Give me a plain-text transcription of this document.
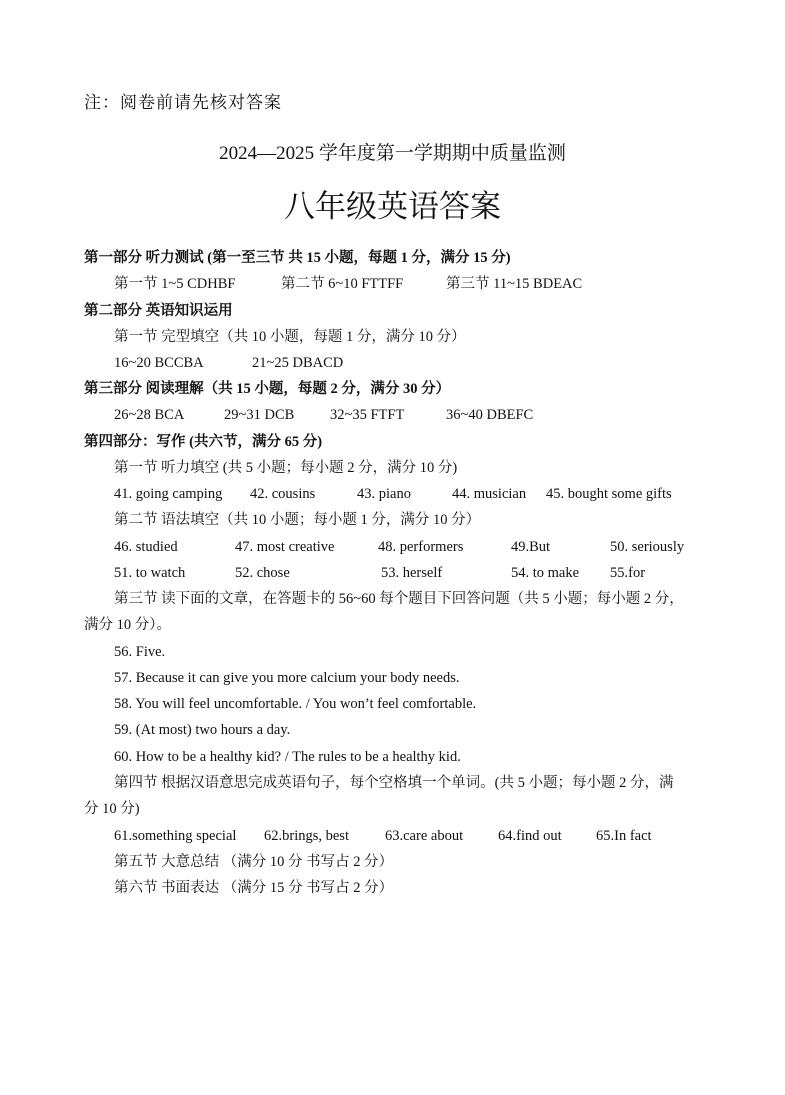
注：阅卷前请先核对答案
2024—2025 学年度第一学期期中质量监测
八年级英语答案
第一部分 听力测试 (第一至三节 共 15 小题，每题 1 分，满分 15 分)
第一节 1~5 CDHBF	第二节 6~10 FTTFF	第三节 11~15 BDEAC
第二部分 英语知识运用
第一节 完型填空（共 10 小题，每题 1 分，满分 10 分）
16~20 BCCBA	21~25 DBACD
第三部分 阅读理解（共 15 小题，每题 2 分，满分 30 分）
26~28 BCA	29~31 DCB 32~35 FTFT	36~40 DBEFC
第四部分：写作 (共六节，满分 65 分)
第一节 听力填空 (共 5 小题；每小题 2 分，满分 10 分)
41. going camping 42. cousins	43. piano	44. musician 45. bought some gifts
第二节 语法填空（共 10 小题；每小题 1 分，满分 10 分）
46. studied	47. most creative	48. performers	49.But	50. seriously
51. to watch	52. chose	53. herself	54. to make 55.for
第三节 读下面的文章，在答题卡的 56~60 每个题目下回答问题（共 5 小题；每小题 2 分，
满分 10 分）。
56. Five.
57. Because it can give you more calcium your body needs.
58. You will feel uncomfortable. / You won’t feel comfortable.
59. (At most) two hours a day.
60. How to be a healthy kid? / The rules to be a healthy kid.
第四节 根据汉语意思完成英语句子，每个空格填一个单词。(共 5 小题；每小题 2 分，满
分 10 分)
61.something special 62.brings, best 63.care about 64.find out 65.In fact
第五节 大意总结 （满分 10 分 书写占 2 分）
第六节 书面表达 （满分 15 分 书写占 2 分）
